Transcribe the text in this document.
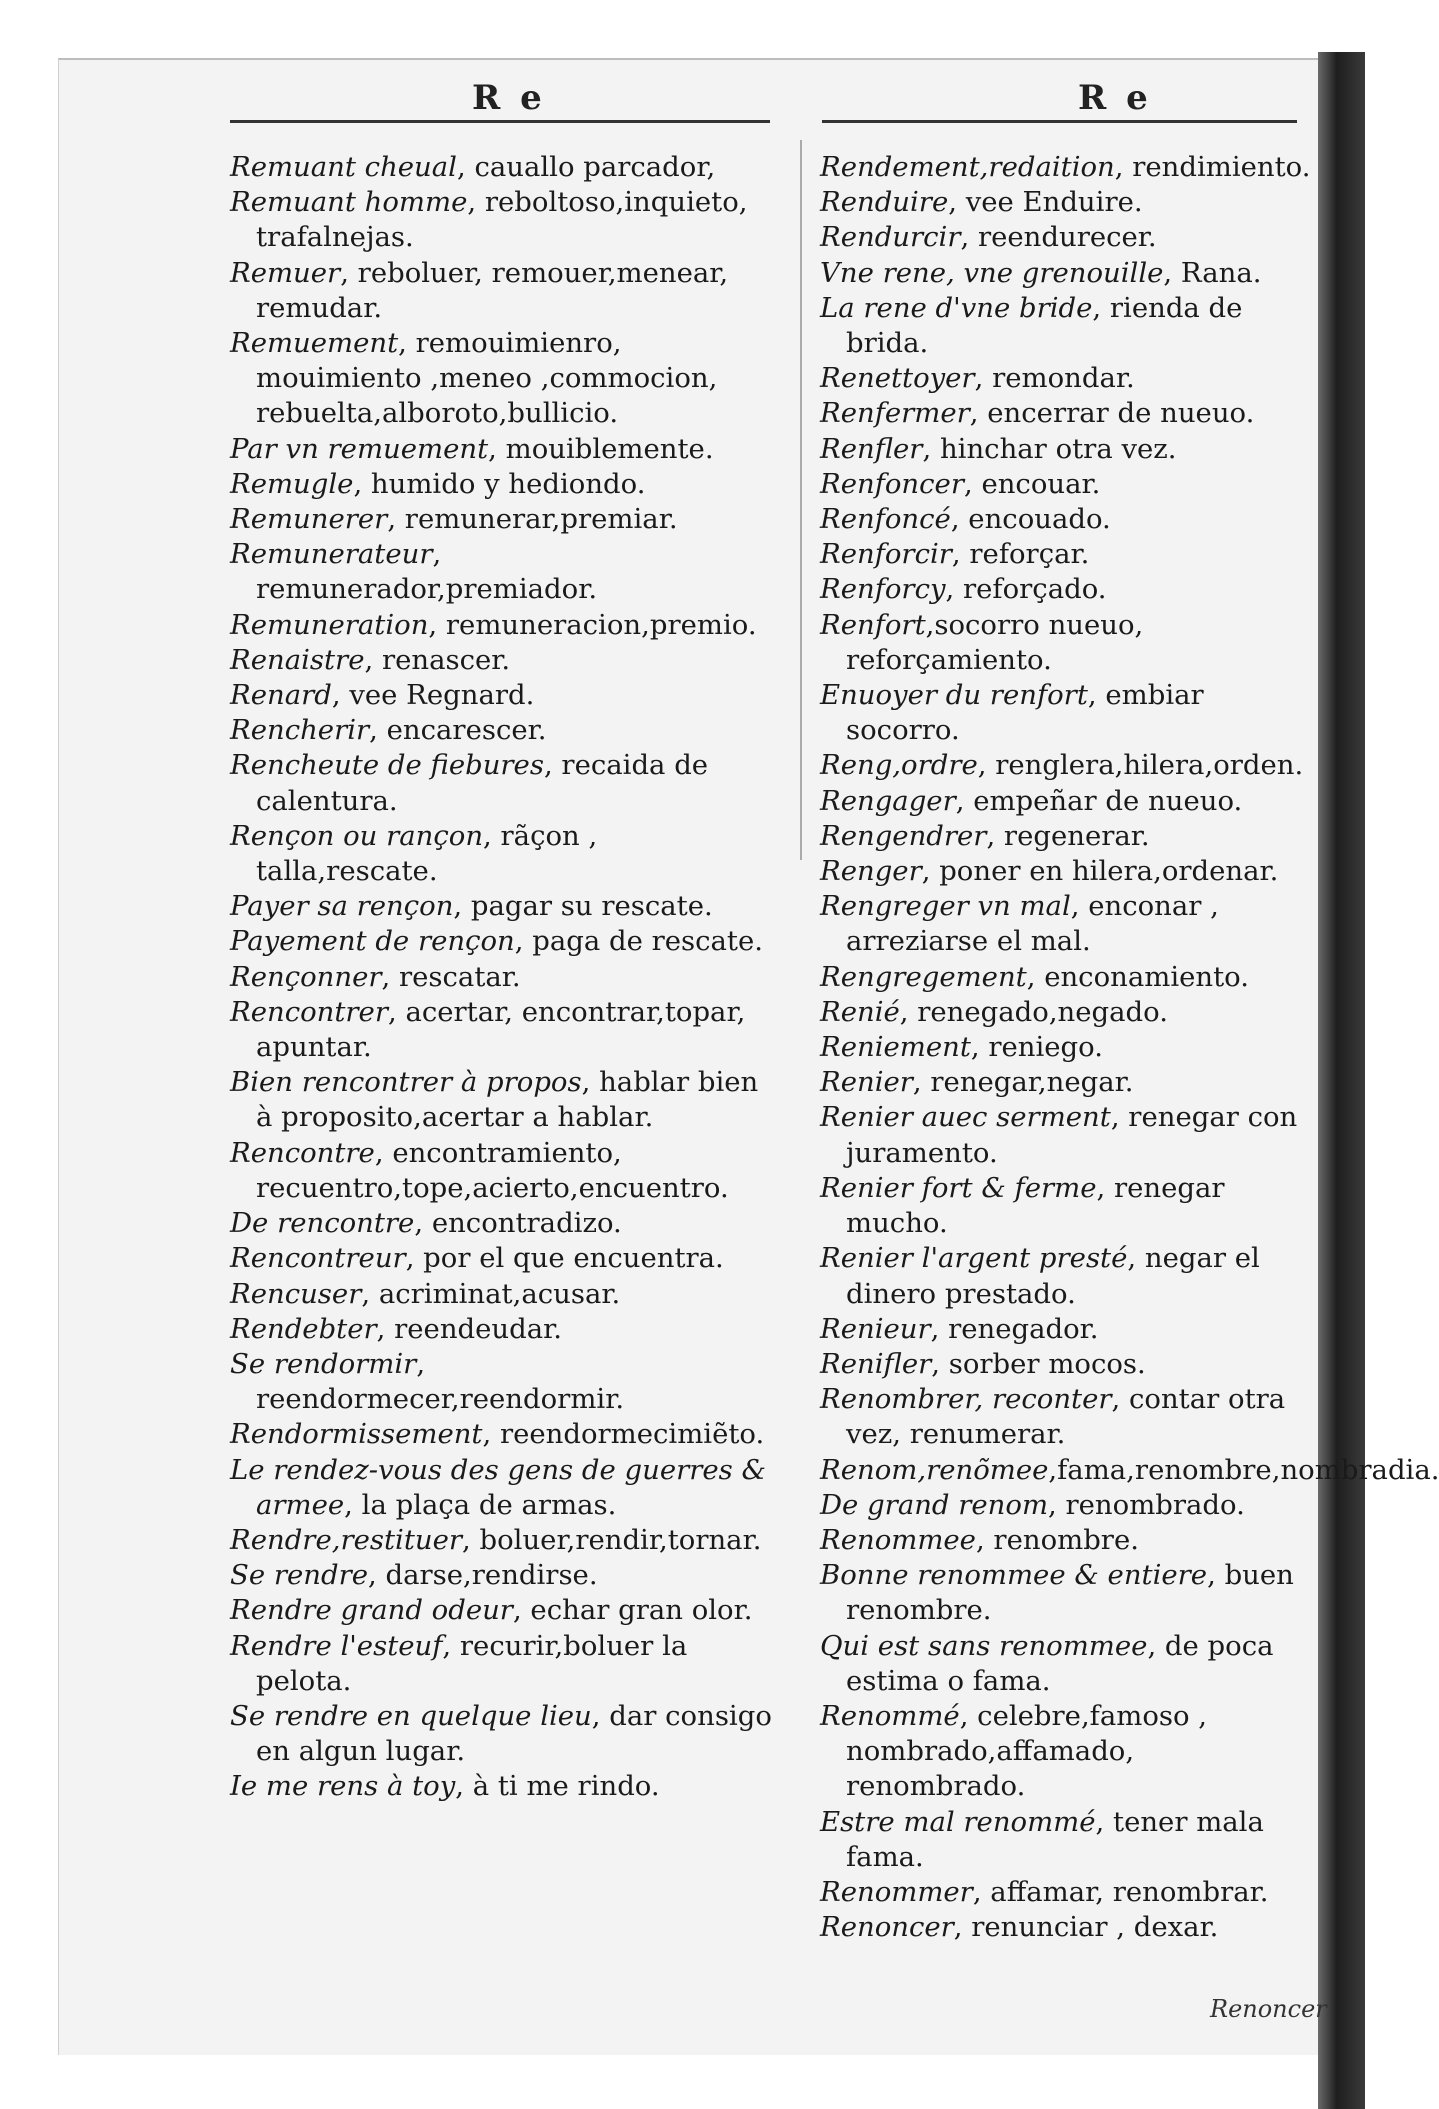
R e	R e

Remuant cheual, cauallo parcador,

Remuant homme, reboltoso,inquieto, trafalnejas.

Remuer, reboluer, remouer,menear, remudar.

Remuement, remouimienro, mouimiento ,meneo ,commocion, rebuelta,alboroto,bullicio.

Par vn remuement, mouiblemente.

Remugle, humido y hediondo.

Remunerer, remunerar,premiar.

Remunerateur, remunerador,premiador.

Remuneration, remuneracion,premio.

Renaistre, renascer.

Renard, vee Regnard.

Rencherir, encarescer.

Rencheute de fiebures, recaida de calentura.

Rençon ou rançon, rãçon , talla,rescate.

Payer sa rençon, pagar su rescate.

Payement de rençon, paga de rescate.

Rençonner, rescatar.

Rencontrer, acertar, encontrar,topar, apuntar.

Bien rencontrer à propos, hablar bien à proposito,acertar a hablar.

Rencontre, encontramiento, recuentro,tope,acierto,encuentro.

De rencontre, encontradizo.

Rencontreur, por el que encuentra.

Rencuser, acriminat,acusar.

Rendebter, reendeudar.

Se rendormir, reendormecer,reendormir.

Rendormissement, reendormecimiẽto.

Le rendez-vous des gens de guerres & armee, la plaça de armas.

Rendre,restituer, boluer,rendir,tornar.

Se rendre, darse,rendirse.

Rendre grand odeur, echar gran olor.

Rendre l'esteuf, recurir,boluer la pelota.

Se rendre en quelque lieu, dar consigo en algun lugar.

Ie me rens à toy, à ti me rindo.

Rendement,redaition, rendimiento.

Renduire, vee Enduire.

Rendurcir, reendurecer.

Vne rene, vne grenouille, Rana.

La rene d'vne bride, rienda de brida.

Renettoyer, remondar.

Renfermer, encerrar de nueuo.

Renfler, hinchar otra vez.

Renfoncer, encouar.

Renfoncé, encouado.

Renforcir, reforçar.

Renforcy, reforçado.

Renfort,socorro nueuo, reforçamiento.

Enuoyer du renfort, embiar socorro.

Reng,ordre, renglera,hilera,orden.

Rengager, empeñar de nueuo.

Rengendrer, regenerar.

Renger, poner en hilera,ordenar.

Rengreger vn mal, enconar , arreziarse el mal.

Rengregement, enconamiento.

Renié, renegado,negado.

Reniement, reniego.

Renier, renegar,negar.

Renier auec serment, renegar con juramento.

Renier fort & ferme, renegar mucho.

Renier l'argent presté, negar el dinero prestado.

Renieur, renegador.

Renifler, sorber mocos.

Renombrer, reconter, contar otra vez, renumerar.

Renom,renõmee,fama,renombre,nombradia.

De grand renom, renombrado.

Renommee, renombre.

Bonne renommee & entiere, buen renombre.

Qui est sans renommee, de poca estima o fama.

Renommé, celebre,famoso , nombrado,affamado, renombrado.

Estre mal renommé, tener mala fama.

Renommer, affamar, renombrar.

Renoncer, renunciar , dexar.

Renoncer
